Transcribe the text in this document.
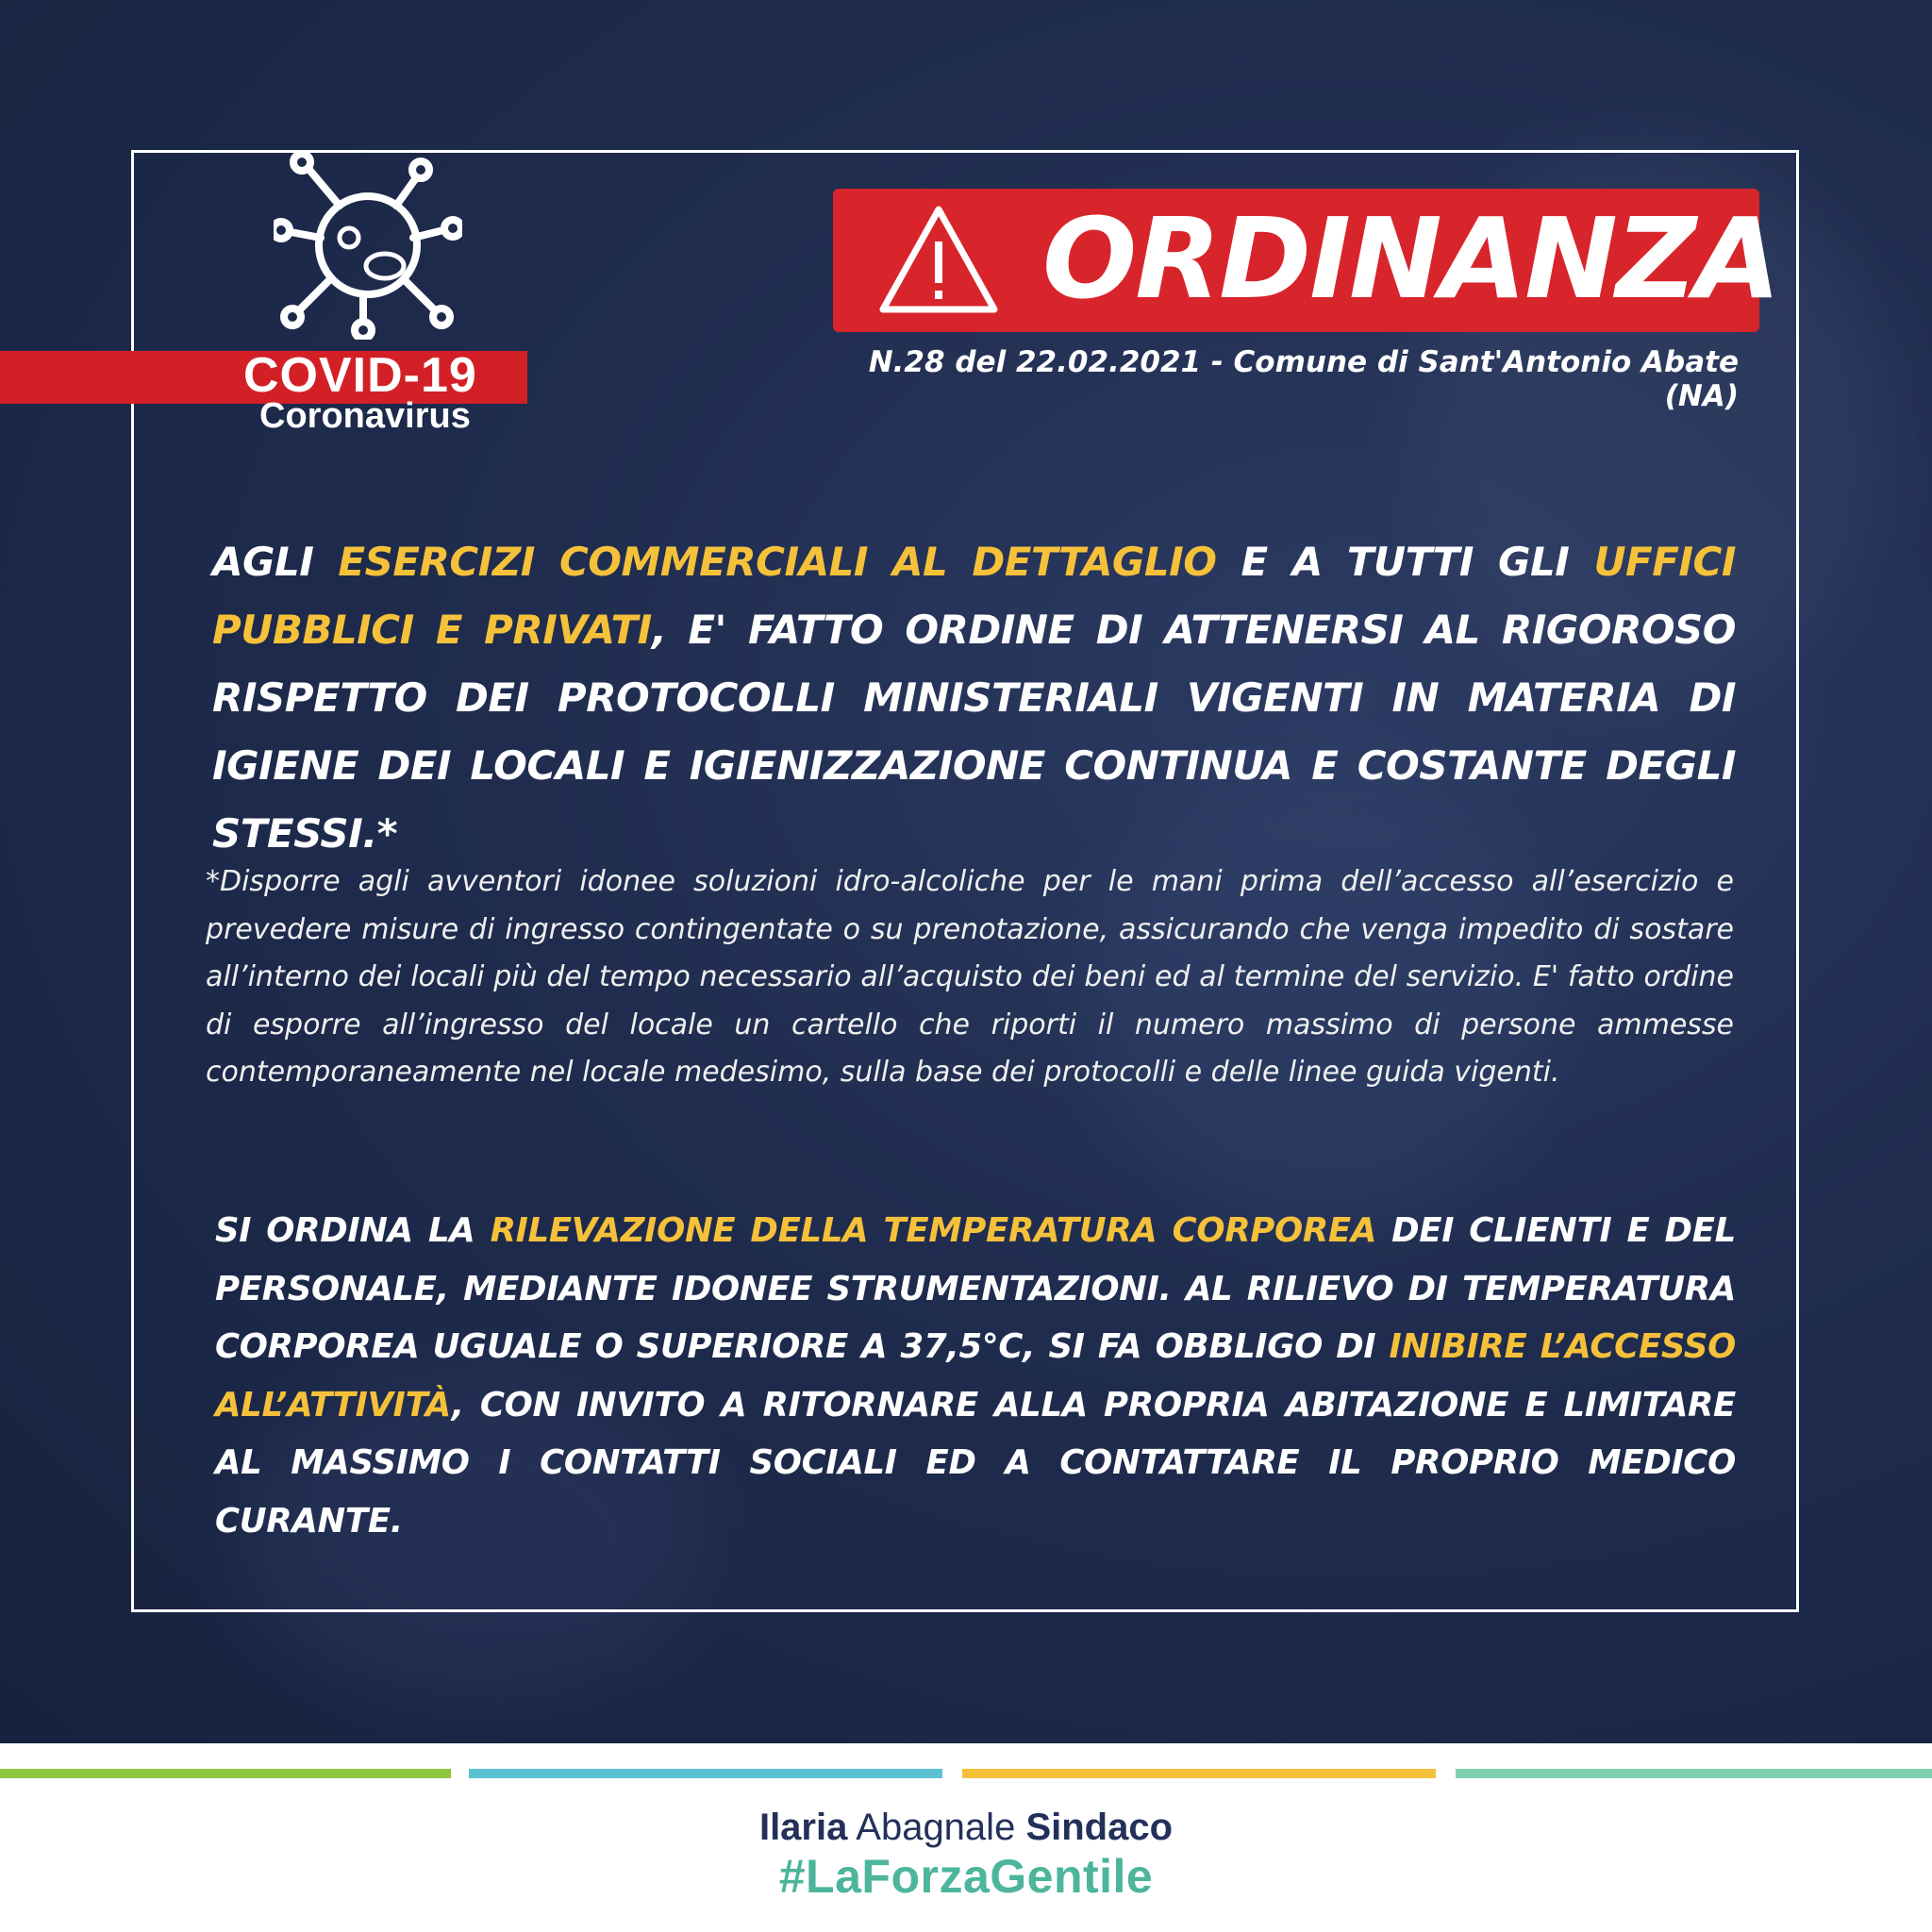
COVID-19
Coronavirus
ORDINANZA
N.28 del 22.02.2021 - Comune di Sant'Antonio Abate (NA)
AGLI ESERCIZI COMMERCIALI AL DETTAGLIO E A TUTTI GLI UFFICI PUBBLICI E PRIVATI, E' FATTO ORDINE DI ATTENERSI AL RIGOROSO RISPETTO DEI PROTOCOLLI MINISTERIALI VIGENTI IN MATERIA DI IGIENE DEI LOCALI E IGIENIZZAZIONE CONTINUA E COSTANTE DEGLI STESSI.*
*Disporre agli avventori idonee soluzioni idro-alcoliche per le mani prima dell’accesso all’esercizio e prevedere misure di ingresso contingentate o su prenotazione, assicurando che venga impedito di sostare all’interno dei locali più del tempo necessario all’acquisto dei beni ed al termine del servizio. E' fatto ordine di esporre all’ingresso del locale un cartello che riporti il numero massimo di persone ammesse contemporaneamente nel locale medesimo, sulla base dei protocolli e delle linee guida vigenti.
SI ORDINA LA RILEVAZIONE DELLA TEMPERATURA CORPOREA DEI CLIENTI E DEL PERSONALE, MEDIANTE IDONEE STRUMENTAZIONI. AL RILIEVO DI TEMPERATURA CORPOREA UGUALE O SUPERIORE A 37,5°C, SI FA OBBLIGO DI INIBIRE L’ACCESSO ALL’ATTIVITÀ, CON INVITO A RITORNARE ALLA PROPRIA ABITAZIONE E LIMITARE AL MASSIMO I CONTATTI SOCIALI ED A CONTATTARE IL PROPRIO MEDICO CURANTE.
Ilaria Abagnale Sindaco
#LaForzaGentile
